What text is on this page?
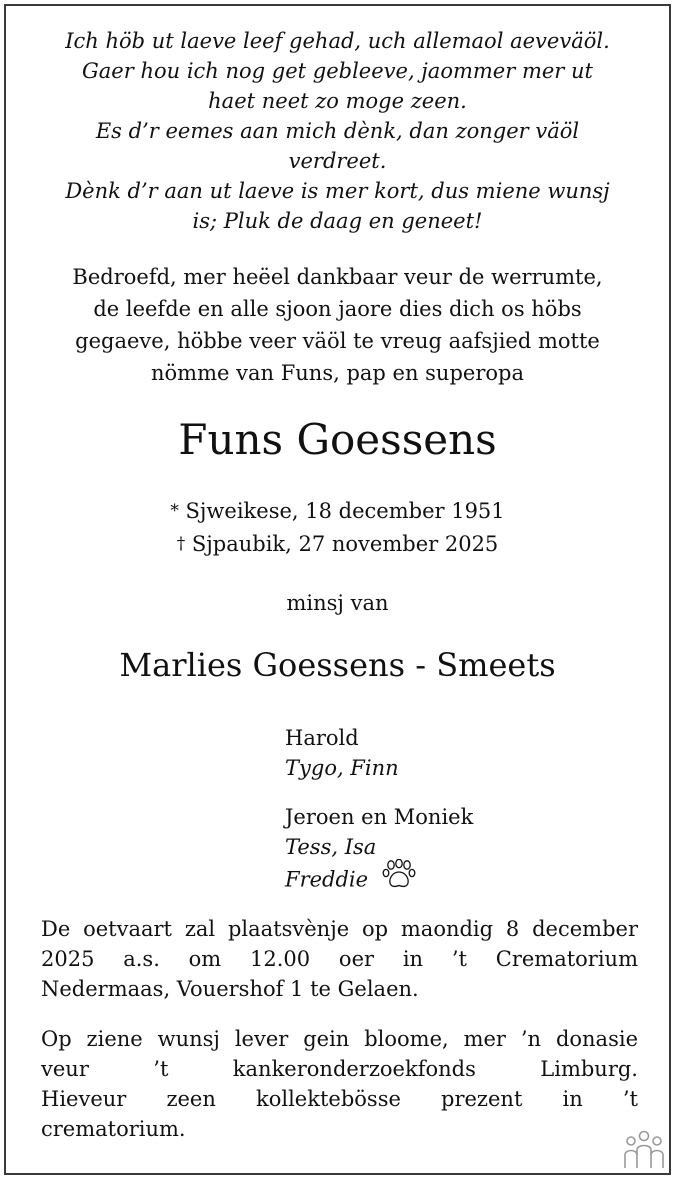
Ich höb ut laeve leef gehad, uch allemaol aeveväöl.
Gaer hou ich nog get gebleeve, jaommer mer ut
haet neet zo moge zeen.
Es d’r eemes aan mich dènk, dan zonger väöl
verdreet.
Dènk d’r aan ut laeve is mer kort, dus miene wunsj
is; Pluk de daag en geneet!
Bedroefd, mer heëel dankbaar veur de werrumte,
de leefde en alle sjoon jaore dies dich os höbs
gegaeve, höbbe veer väöl te vreug aafsjied motte
nömme van Funs, pap en superopa
Funs Goessens
* Sjweikese, 18 december 1951
† Sjpaubik, 27 november 2025
minsj van
Marlies Goessens - Smeets
Harold
Tygo, Finn
Jeroen en Moniek
Tess, Isa
Freddie
De oetvaart zal plaatsvènje op maondig 8 december
2025 a.s. om 12.00 oer in ’t Crematorium
Nedermaas, Vouershof 1 te Gelaen.
Op ziene wunsj lever gein bloome, mer ’n donasie
veur ’t kankeronderzoekfonds Limburg.
Hieveur zeen kollektebösse prezent in ’t
crematorium.
